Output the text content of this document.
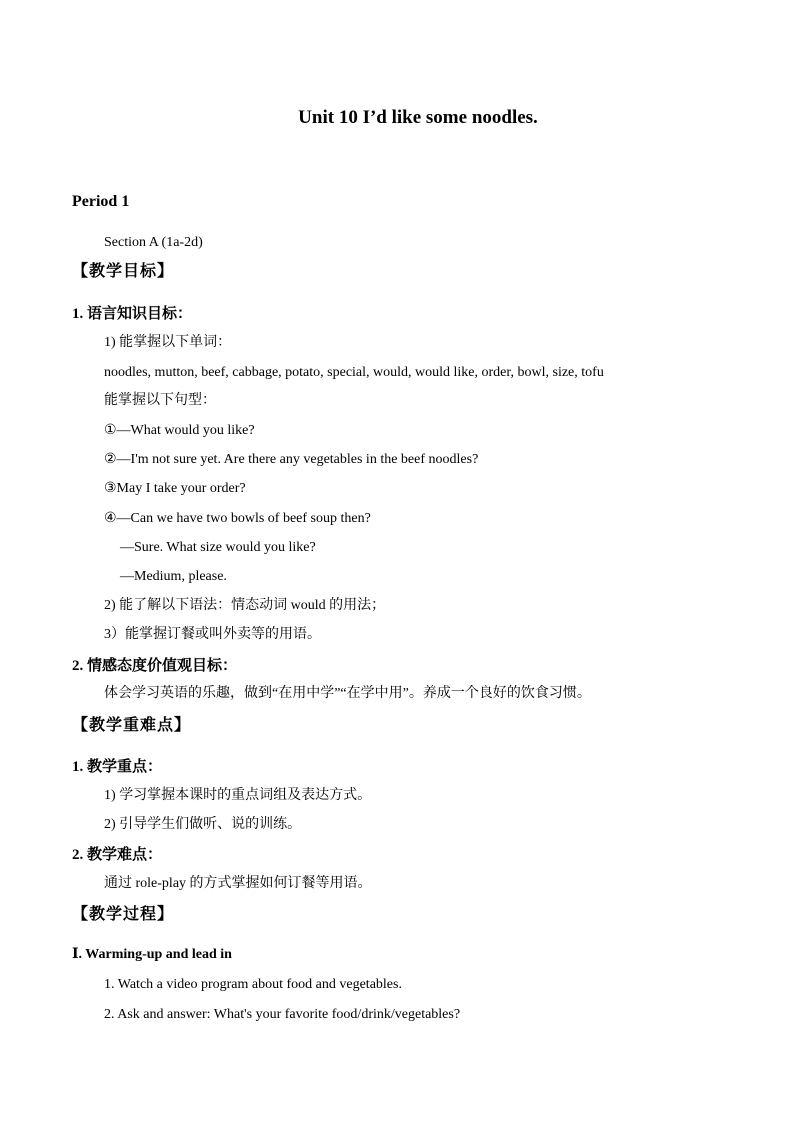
Unit 10 I’d like some noodles.
Period 1
Section A (1a-2d)
【教学目标】
1. 语言知识目标：
1) 能掌握以下单词：
noodles, mutton, beef, cabbage, potato, special, would, would like, order, bowl, size, tofu
能掌握以下句型：
①—What would you like?
②—I'm not sure yet. Are there any vegetables in the beef noodles?
③May I take your order?
④—Can we have two bowls of beef soup then?
—Sure. What size would you like?
—Medium, please.
2) 能了解以下语法：情态动词 would 的用法；
3）能掌握订餐或叫外卖等的用语。
2. 情感态度价值观目标：
体会学习英语的乐趣，做到“在用中学”“在学中用”。养成一个良好的饮食习惯。
【教学重难点】
1. 教学重点：
1) 学习掌握本课时的重点词组及表达方式。
2) 引导学生们做听、说的训练。
2. 教学难点：
通过 role-play 的方式掌握如何订餐等用语。
【教学过程】
Ⅰ. Warming-up and lead in
1. Watch a video program about food and vegetables.
2. Ask and answer: What's your favorite food/drink/vegetables?
